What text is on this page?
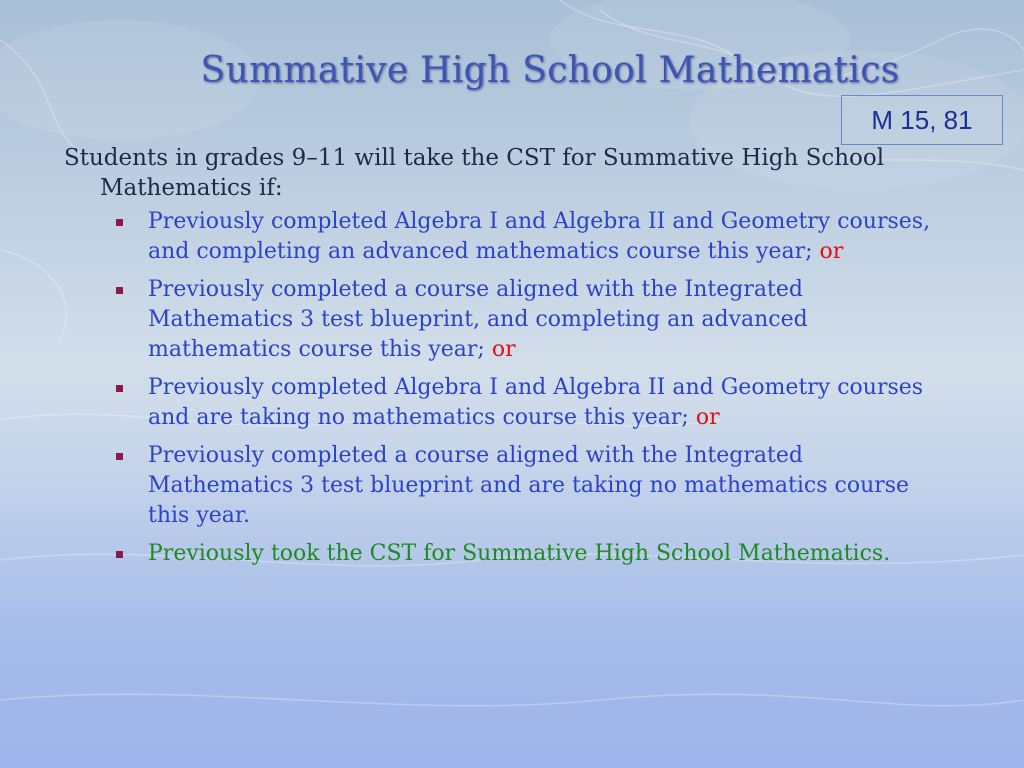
Summative High School Mathematics
M 15, 81

Students in grades 9–11 will take the CST for Summative High School Mathematics if:

Previously completed Algebra I and Algebra II and Geometry courses, and completing an advanced mathematics course this year; or
Previously completed a course aligned with the Integrated Mathematics 3 test blueprint, and completing an advanced mathematics course this year; or
Previously completed Algebra I and Algebra II and Geometry courses and are taking no mathematics course this year; or
Previously completed a course aligned with the Integrated Mathematics 3 test blueprint and are taking no mathematics course this year.
Previously took the CST for Summative High School Mathematics.
